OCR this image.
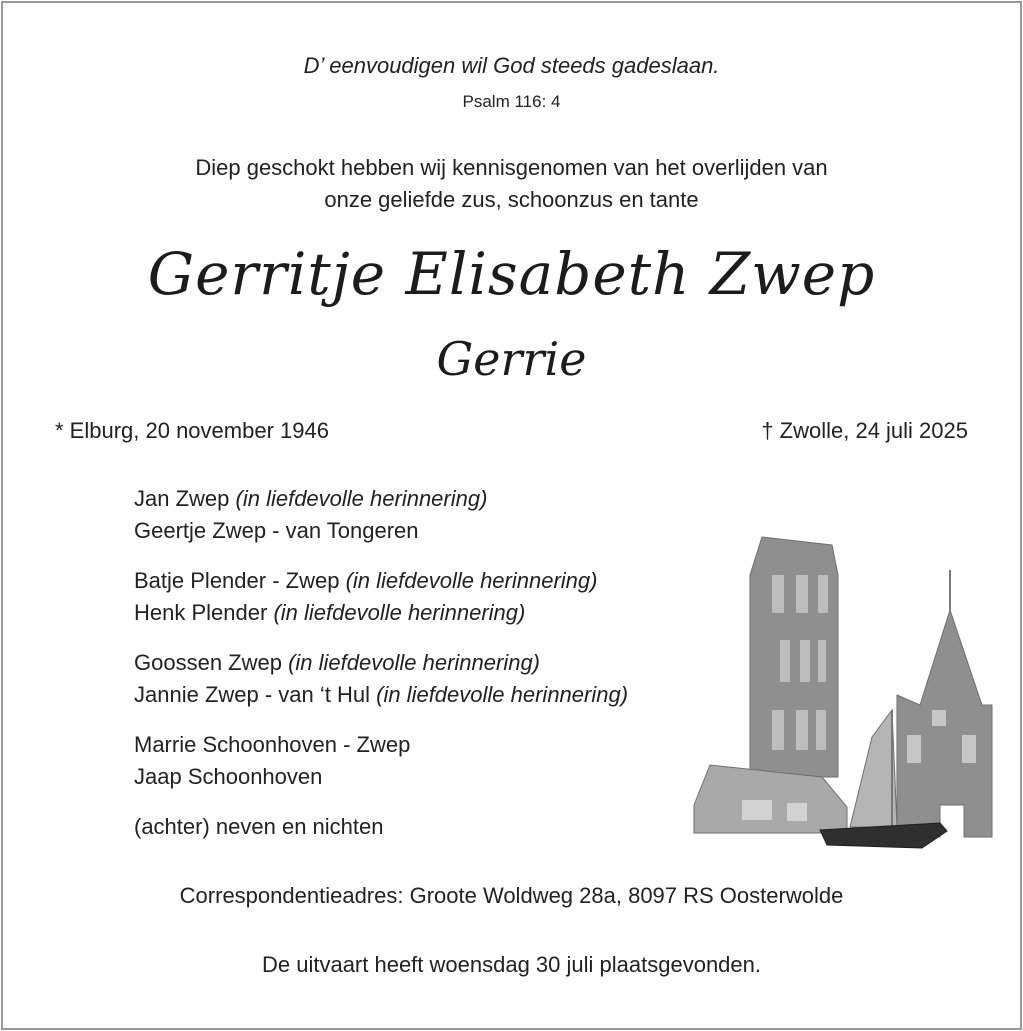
D’ eenvoudigen wil God steeds gadeslaan.
Psalm 116: 4
Diep geschokt hebben wij kennisgenomen van het overlijden van
onze geliefde zus, schoonzus en tante
Gerritje Elisabeth Zwep
Gerrie
* Elburg, 20 november 1946	† Zwolle, 24 juli 2025
Jan Zwep (in liefdevolle herinnering)
Geertje Zwep - van Tongeren
Batje Plender - Zwep (in liefdevolle herinnering)
Henk Plender (in liefdevolle herinnering)
Goossen Zwep (in liefdevolle herinnering)
Jannie Zwep - van ‘t Hul (in liefdevolle herinnering)
Marrie Schoonhoven - Zwep
Jaap Schoonhoven
(achter) neven en nichten
Correspondentieadres: Groote Woldweg 28a, 8097 RS Oosterwolde
De uitvaart heeft woensdag 30 juli plaatsgevonden.
